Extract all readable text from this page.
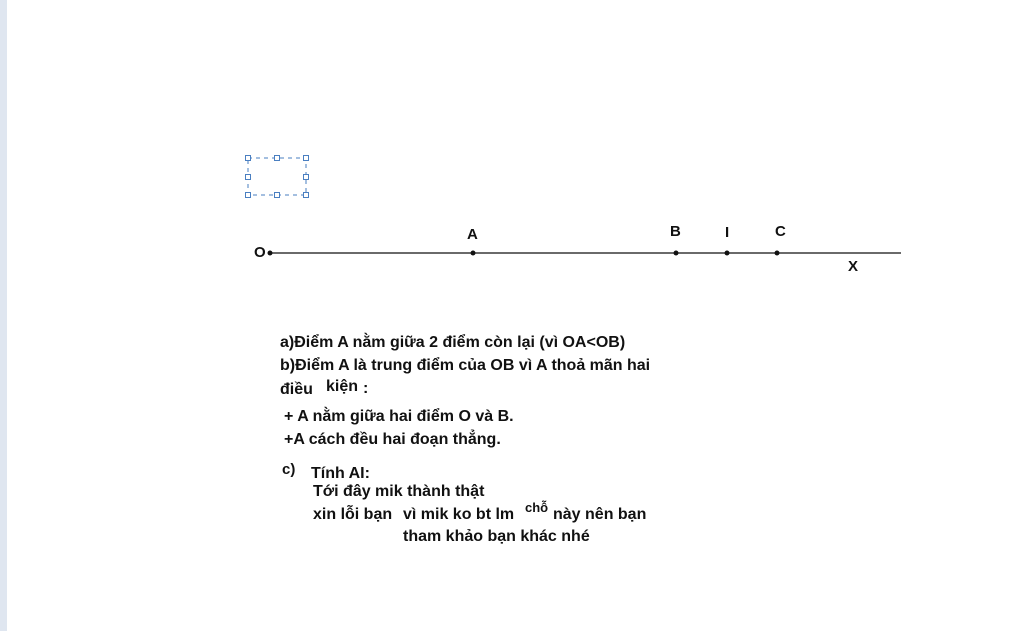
O
A	B	I	C
X
a)Điểm A nằm giữa 2 điểm còn lại (vì OA<OB)
b)Điểm A là trung điểm của OB vì A thoả mãn hai
điều kiện :
+ A nằm giữa hai điểm O và B.
+A cách đều hai đoạn thẳng.
c) Tính AI:
Tới đây mik thành thật
xin lỗi bạn vì mik ko bt lm chỗ này nên bạn
tham khảo bạn khác nhé
